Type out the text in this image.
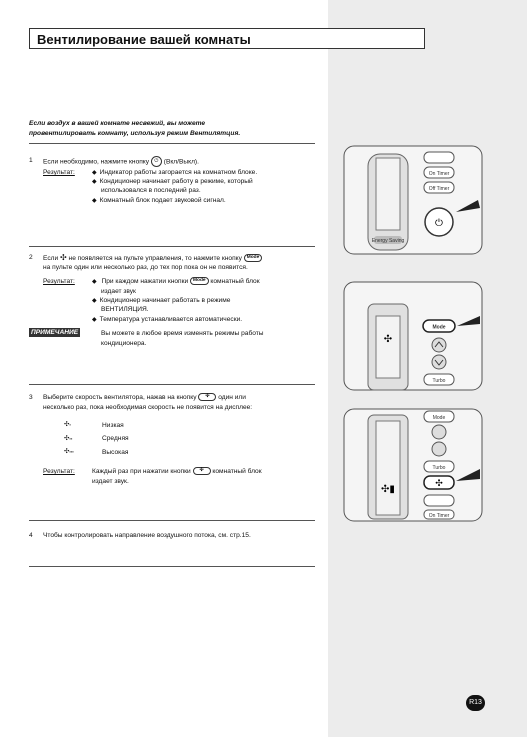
Вентилирование вашей комнаты
Если воздух в вашей комнате несвежий, вы можете
провентилировать комнату, используя режим Вентилятция.
1 Если необходимо, нажмите кнопку ⏻ (Вкл/Выкл).
Результат:	◆ Индикатор работы загорается на комнатном блоке.
◆ Кондиционер начинает работу в режиме, который
использовался в последний раз.
◆ Комнатный блок подает звуковой сигнал.
2 Если ✣ не появляется на пульте управления, то нажмите кнопку Mode
на пульте один или несколько раз, до тех пор пока он не появится.
Результат:	◆ При каждом нажатии кнопки Mode комнатный блок
издает звук
◆ Кондиционер начинает работать в режиме
ВЕНТИЛЯЦИЯ.
◆ Температура устанавливается автоматически.
ПРИМЕЧАНИЕ	Вы можете в любое время изменять режимы работы
кондиционера.
3 Выберите скорость вентилятора, нажав на кнопку ✣ один или
несколько раз, пока необходимая скорость не появится на дисплее:
✣▪	Низкая
✣▪▪	Средняя
✣▪▪▪	Высокая
Результат:	Каждый раз при нажатии кнопки ✣ комнатный блок
издает звук.
4 Чтобы контролировать направление воздушного потока, см. стр.15.
Energy Saving
On Timer
Off Timer
⏻
✣
Mode
Turbo
✣▮
Mode
Turbo
✣
On Timer
R13
